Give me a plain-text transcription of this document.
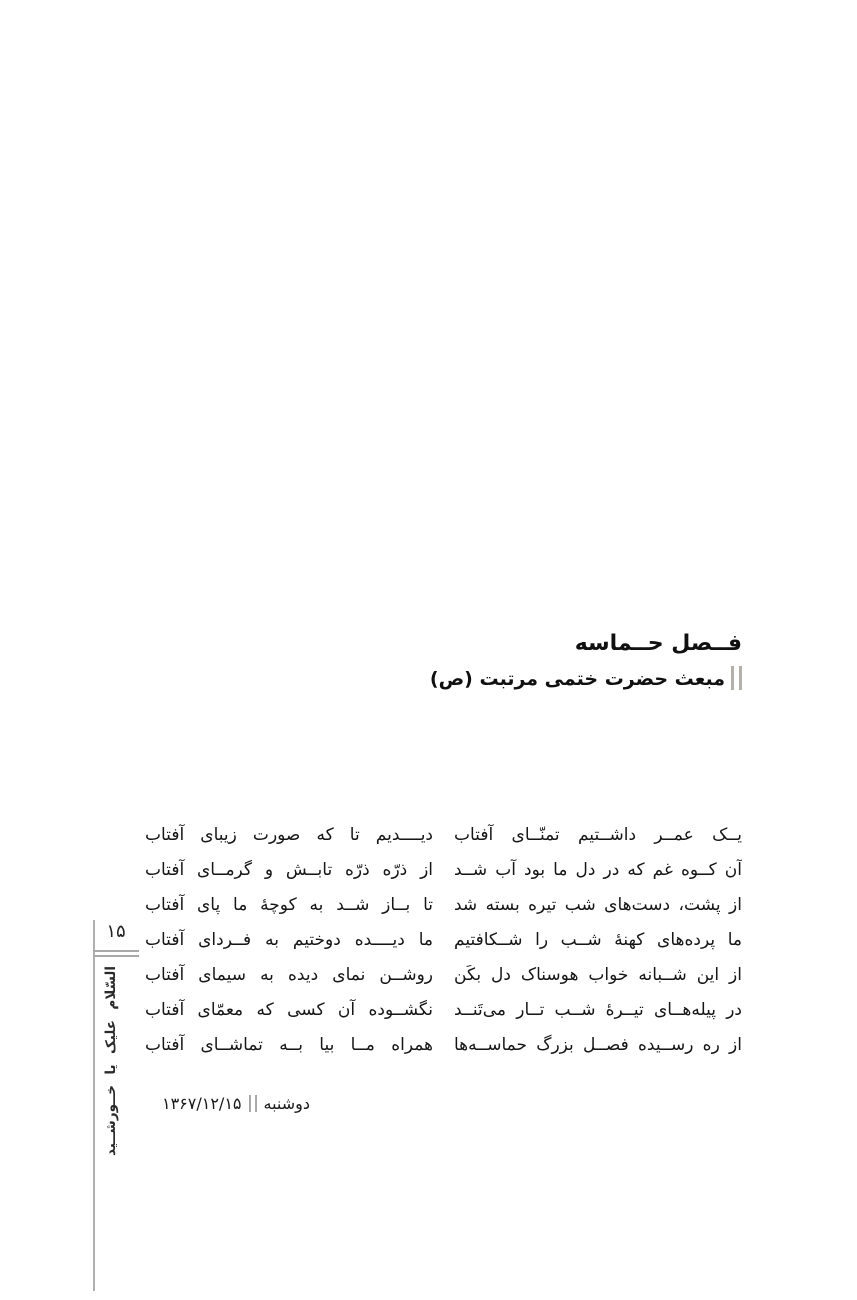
فــصل حــماسه
مبعث حضرت ختمی مرتبت (ص)
یــک عمــر داشــتیم تمنّــای آفتاب
دیــــدیم تا که صورت زیبای آفتاب
آن کــوه غم که در دل ما بود آب شــد
از ذرّه ذرّه تابــش و گرمــای آفتاب
از پشت، دست‌های شب تیره بسته شد
تا بــاز شــد به کوچهٔ ما پای آفتاب
ما پرده‌های کهنهٔ شــب را شــکافتیم
ما دیــــده دوختیم به فــردای آفتاب
از این شــبانه خواب هوسناک دل بکَن
روشــن نمای دیده به سیمای آفتاب
در پیله‌هــای تیــرهٔ شــب تــار می‌تَنــد
نگشــوده آن کسی که معمّای آفتاب
از ره رســیده فصــل بزرگ حماســه‌ها
همراه مــا بیا بــه تماشــای آفتاب
دوشنبه۱۳۶۷/۱۲/۱۵
۱۵
السّلام علیک یا خــورشــید
